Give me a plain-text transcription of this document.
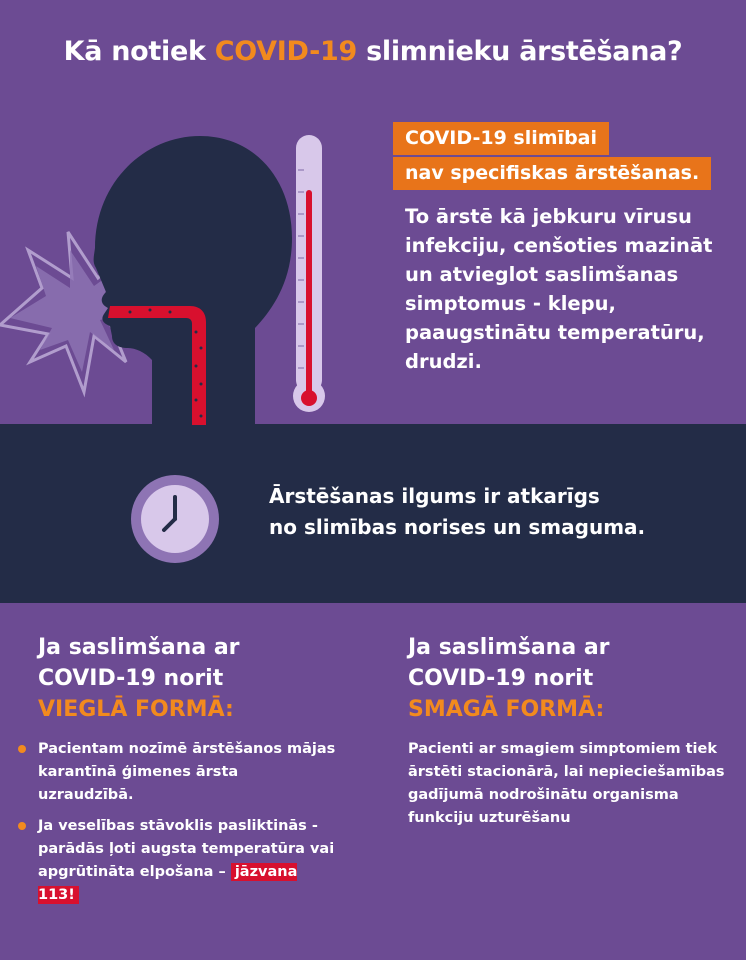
Kā notiek COVID-19 slimnieku ārstēšana?
COVID-19 slimībai
nav specifiskas ārstēšanas.
To ārstē kā jebkuru vīrusu infekciju, cenšoties mazināt un atvieglot saslimšanas simptomus - klepu, paaugstinātu temperatūru, drudzi.
Ārstēšanas ilgums ir atkarīgs
no slimības norises un smaguma.
Ja saslimšana ar
COVID-19 norit
VIEGLĀ FORMĀ:
Pacientam nozīmē ārstēšanos mājas karantīnā ģimenes ārsta uzraudzībā.
Ja veselības stāvoklis pasliktinās - parādās ļoti augsta temperatūra vai apgrūtināta elpošana – jāzvana 113!
Ja saslimšana ar
COVID-19 norit
SMAGĀ FORMĀ:
Pacienti ar smagiem simptomiem tiek ārstēti stacionārā, lai nepieciešamības gadījumā nodrošinātu organisma funkciju uzturēšanu
